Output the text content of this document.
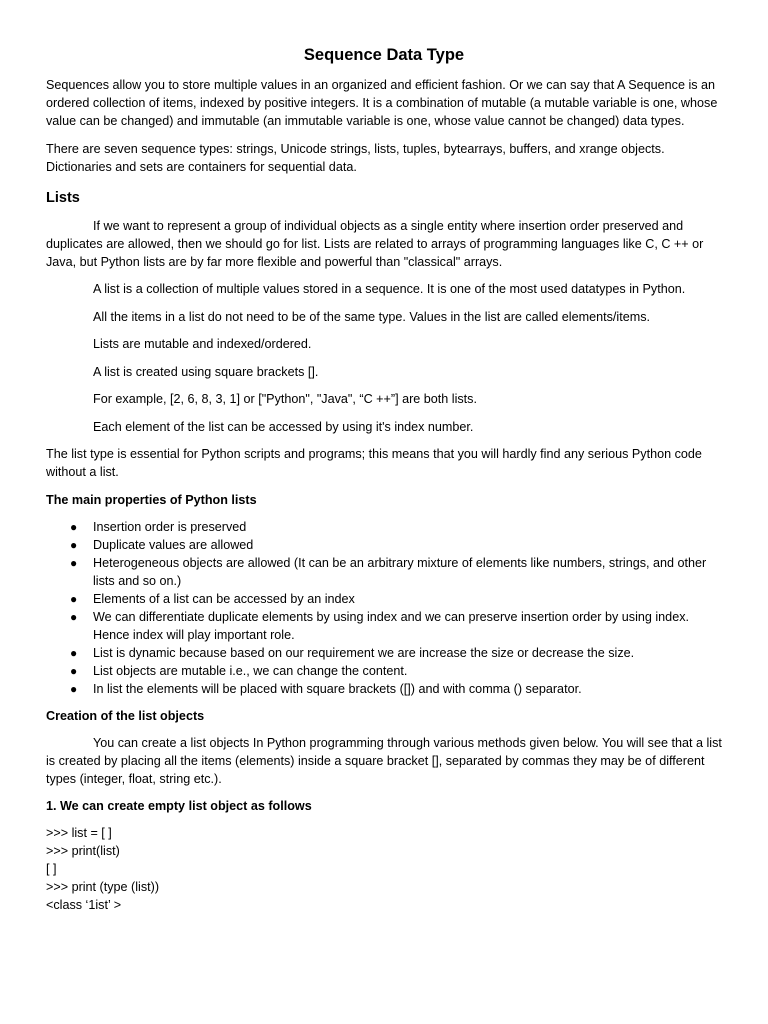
Sequence Data Type

Sequences allow you to store multiple values in an organized and efficient fashion. Or we can say that A Sequence is an ordered collection of items, indexed by positive integers. It is a combination of mutable (a mutable variable is one, whose value can be changed) and immutable (an immutable variable is one, whose value cannot be changed) data types.

There are seven sequence types: strings, Unicode strings, lists, tuples, bytearrays, buffers, and xrange objects. Dictionaries and sets are containers for sequential data.

Lists

If we want to represent a group of individual objects as a single entity where insertion order preserved and duplicates are allowed, then we should go for list. Lists are related to arrays of programming languages like C, C ++ or Java, but Python lists are by far more flexible and powerful than "classical" arrays.

A list is a collection of multiple values stored in a sequence. It is one of the most used datatypes in Python.

All the items in a list do not need to be of the same type. Values in the list are called elements/items.

Lists are mutable and indexed/ordered.

A list is created using square brackets [].

For example, [2, 6, 8, 3, 1] or ["Python", "Java", “C ++”] are both lists.

Each element of the list can be accessed by using it's index number.

The list type is essential for Python scripts and programs; this means that you will hardly find any serious Python code without a list.

The main properties of Python lists
● Insertion order is preserved
● Duplicate values are allowed
● Heterogeneous objects are allowed (It can be an arbitrary mixture of elements like numbers, strings, and other lists and so on.)
● Elements of a list can be accessed by an index
● We can differentiate duplicate elements by using index and we can preserve insertion order by using index. Hence index will play important role.
● List is dynamic because based on our requirement we are increase the size or decrease the size.
● List objects are mutable i.e., we can change the content.
● In list the elements will be placed with square brackets ([]) and with comma () separator.
Creation of the list objects

You can create a list objects In Python programming through various methods given below. You will see that a list is created by placing all the items (elements) inside a square bracket [], separated by commas they may be of different types (integer, float, string etc.).

1. We can create empty list object as follows
>>> list = [ ]
>>> print(list)
[ ]
>>> print (type (list))
<class ‘1ist’ >
